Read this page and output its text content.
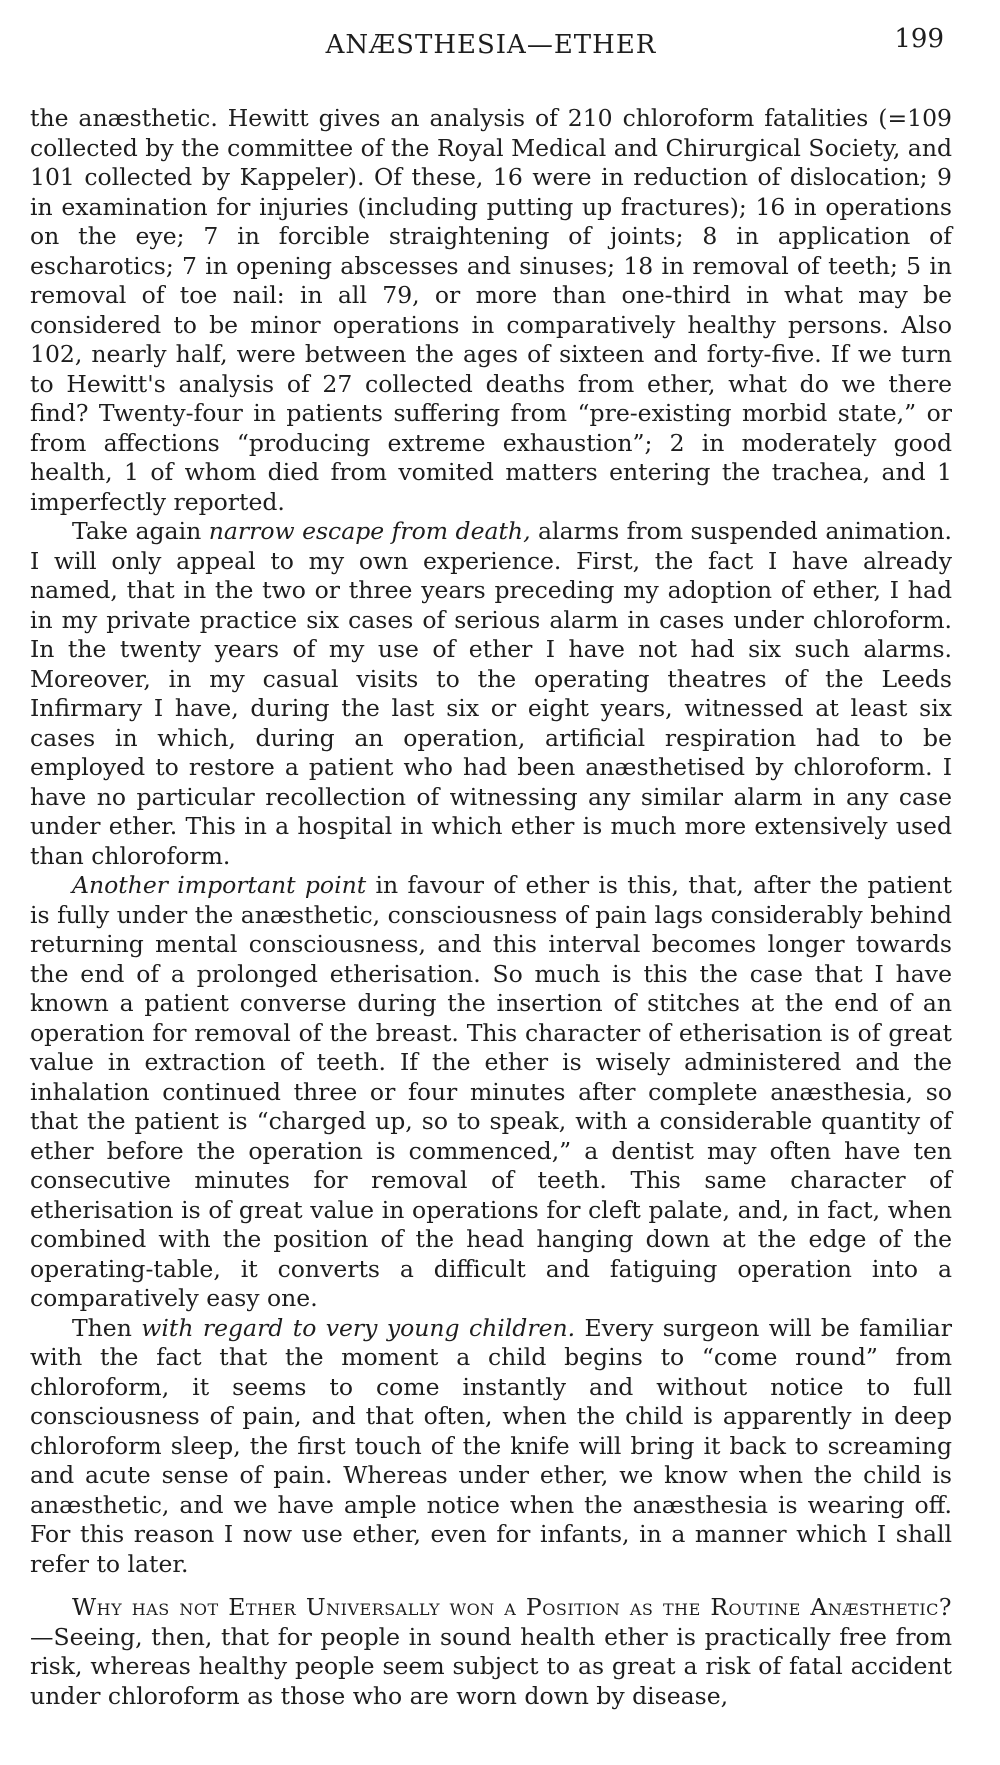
ANÆSTHESIA—ETHER	199

the anæsthetic. Hewitt gives an analysis of 210 chloroform fatalities (=109 collected by the committee of the Royal Medical and Chirurgical Society, and 101 collected by Kappeler). Of these, 16 were in reduction of dislocation; 9 in examination for injuries (including putting up fractures); 16 in operations on the eye; 7 in forcible straightening of joints; 8 in application of escharotics; 7 in opening abscesses and sinuses; 18 in removal of teeth; 5 in removal of toe nail: in all 79, or more than one-third in what may be considered to be minor operations in comparatively healthy persons. Also 102, nearly half, were between the ages of sixteen and forty-five. If we turn to Hewitt's analysis of 27 collected deaths from ether, what do we there find? Twenty-four in patients suffering from “pre-existing morbid state,” or from affections “producing extreme exhaustion”; 2 in moderately good health, 1 of whom died from vomited matters entering the trachea, and 1 imperfectly reported.

Take again narrow escape from death, alarms from suspended animation. I will only appeal to my own experience. First, the fact I have already named, that in the two or three years preceding my adoption of ether, I had in my private practice six cases of serious alarm in cases under chloroform. In the twenty years of my use of ether I have not had six such alarms. Moreover, in my casual visits to the operating theatres of the Leeds Infirmary I have, during the last six or eight years, witnessed at least six cases in which, during an operation, artificial respiration had to be employed to restore a patient who had been anæsthetised by chloroform. I have no particular recollection of witnessing any similar alarm in any case under ether. This in a hospital in which ether is much more extensively used than chloroform.

Another important point in favour of ether is this, that, after the patient is fully under the anæsthetic, consciousness of pain lags considerably behind returning mental consciousness, and this interval becomes longer towards the end of a prolonged etherisation. So much is this the case that I have known a patient converse during the insertion of stitches at the end of an operation for removal of the breast. This character of etherisation is of great value in extraction of teeth. If the ether is wisely administered and the inhalation continued three or four minutes after complete anæsthesia, so that the patient is “charged up, so to speak, with a considerable quantity of ether before the operation is commenced,” a dentist may often have ten consecutive minutes for removal of teeth. This same character of etherisation is of great value in operations for cleft palate, and, in fact, when combined with the position of the head hanging down at the edge of the operating-table, it converts a difficult and fatiguing operation into a comparatively easy one.

Then with regard to very young children. Every surgeon will be familiar with the fact that the moment a child begins to “come round” from chloroform, it seems to come instantly and without notice to full consciousness of pain, and that often, when the child is apparently in deep chloroform sleep, the first touch of the knife will bring it back to screaming and acute sense of pain. Whereas under ether, we know when the child is anæsthetic, and we have ample notice when the anæsthesia is wearing off. For this reason I now use ether, even for infants, in a manner which I shall refer to later.

Why has not Ether Universally won a Position as the Routine Anæsthetic?—Seeing, then, that for people in sound health ether is practically free from risk, whereas healthy people seem subject to as great a risk of fatal accident under chloroform as those who are worn down by disease,
